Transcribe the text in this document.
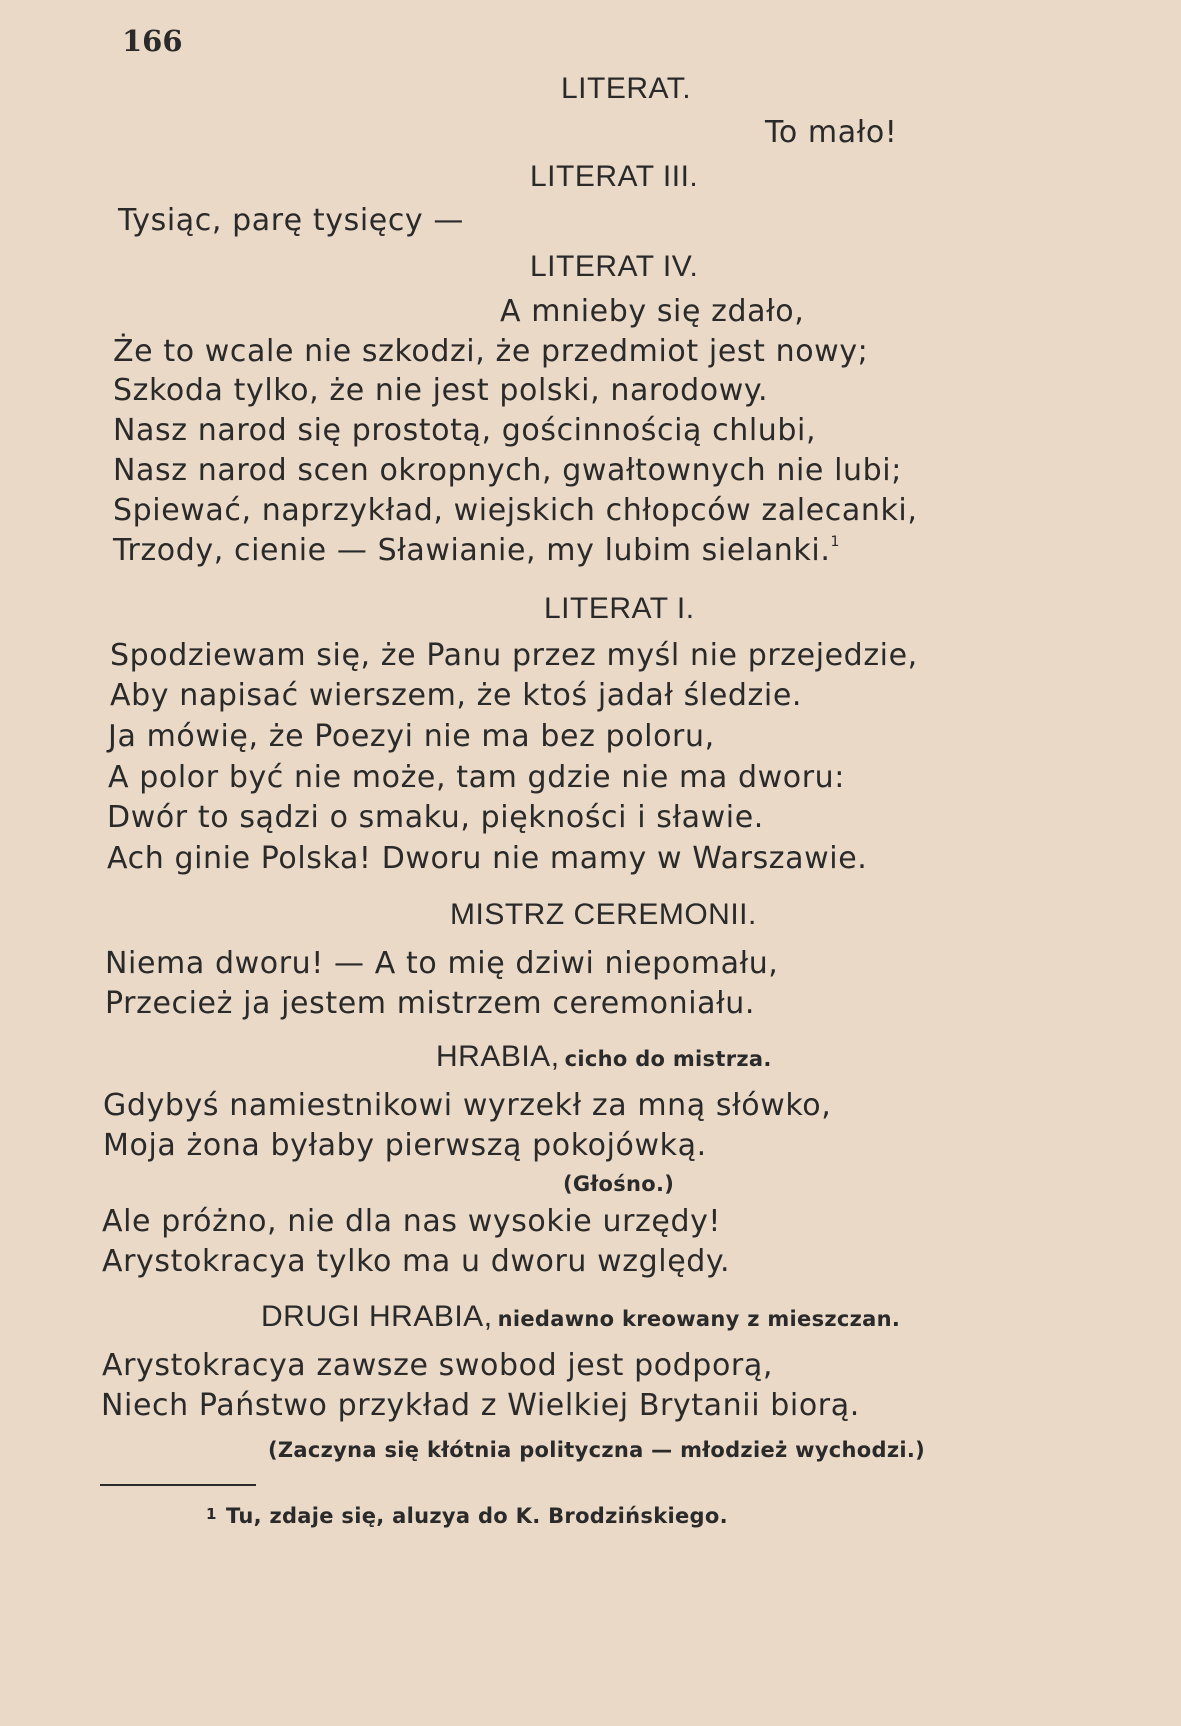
166
LITERAT.
To mało!
LITERAT III.
Tysiąc, parę tysięcy —
LITERAT IV.
A mnieby się zdało,
Że to wcale nie szkodzi, że przedmiot jest nowy;
Szkoda tylko, że nie jest polski, narodowy.
Nasz narod się prostotą, gościnnością chlubi,
Nasz narod scen okropnych, gwałtownych nie lubi;
Spiewać, naprzykład, wiejskich chłopców zalecanki,
Trzody, cienie — Sławianie, my lubim sielanki.$^1$
LITERAT I.
Spodziewam się, że Panu przez myśl nie przejedzie,
Aby napisać wierszem, że ktoś jadał śledzie.
Ja mówię, że Poezyi nie ma bez poloru,
A polor być nie może, tam gdzie nie ma dworu:
Dwór to sądzi o smaku, piękności i sławie.
Ach ginie Polska! Dworu nie mamy w Warszawie.
MISTRZ CEREMONII.
Niema dworu! — A to mię dziwi niepomału,
Przecież ja jestem mistrzem ceremoniału.
HRABIA, cicho do mistrza.
Gdybyś namiestnikowi wyrzekł za mną słówko,
Moja żona byłaby pierwszą pokojówką.
(Głośno.)
Ale próżno, nie dla nas wysokie urzędy!
Arystokracya tylko ma u dworu względy.
DRUGI HRABIA, niedawno kreowany z mieszczan.
Arystokracya zawsze swobod jest podporą,
Niech Państwo przykład z Wielkiej Brytanii biorą.
(Zaczyna się kłótnia polityczna — młodzież wychodzi.)
1 Tu, zdaje się, aluzya do K. Brodzińskiego.
